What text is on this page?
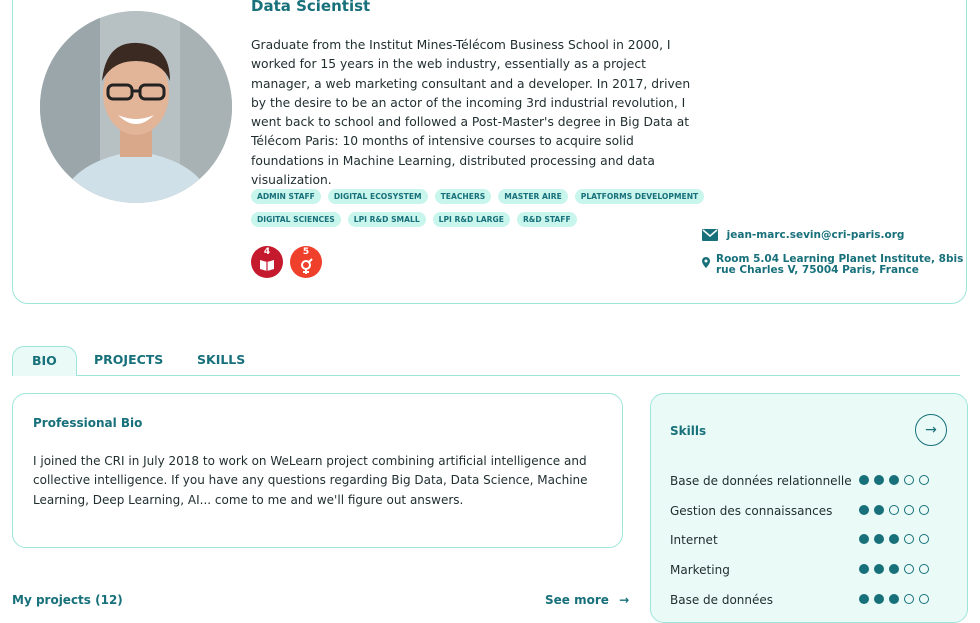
Data Scientist
Graduate from the Institut Mines-Télécom Business School in 2000, I worked for 15 years in the web industry, essentially as a project manager, a web marketing consultant and a developer. In 2017, driven by the desire to be an actor of the incoming 3rd industrial revolution, I went back to school and followed a Post-Master's degree in Big Data at Télécom Paris: 10 months of intensive courses to acquire solid foundations in Machine Learning, distributed processing and data visualization.
ADMIN STAFF	DIGITAL ECOSYSTEM	TEACHERS	MASTER AIRE	PLATFORMS DEVELOPMENT
DIGITAL SCIENCES	LPI R&D SMALL	LPI R&D LARGE	R&D STAFF
4	5
jean-marc.sevin@cri-paris.org
Room 5.04 Learning Planet Institute, 8bis
rue Charles V, 75004 Paris, France
BIO	PROJECTS	SKILLS
Professional Bio
I joined the CRI in July 2018 to work on WeLearn project combining artificial intelligence and collective intelligence. If you have any questions regarding Big Data, Data Science, Machine Learning, Deep Learning, AI... come to me and we'll figure out answers.
Skills	→
Base de données relationnelle
Gestion des connaissances
Internet
Marketing
Base de données
My projects (12)	See more →
